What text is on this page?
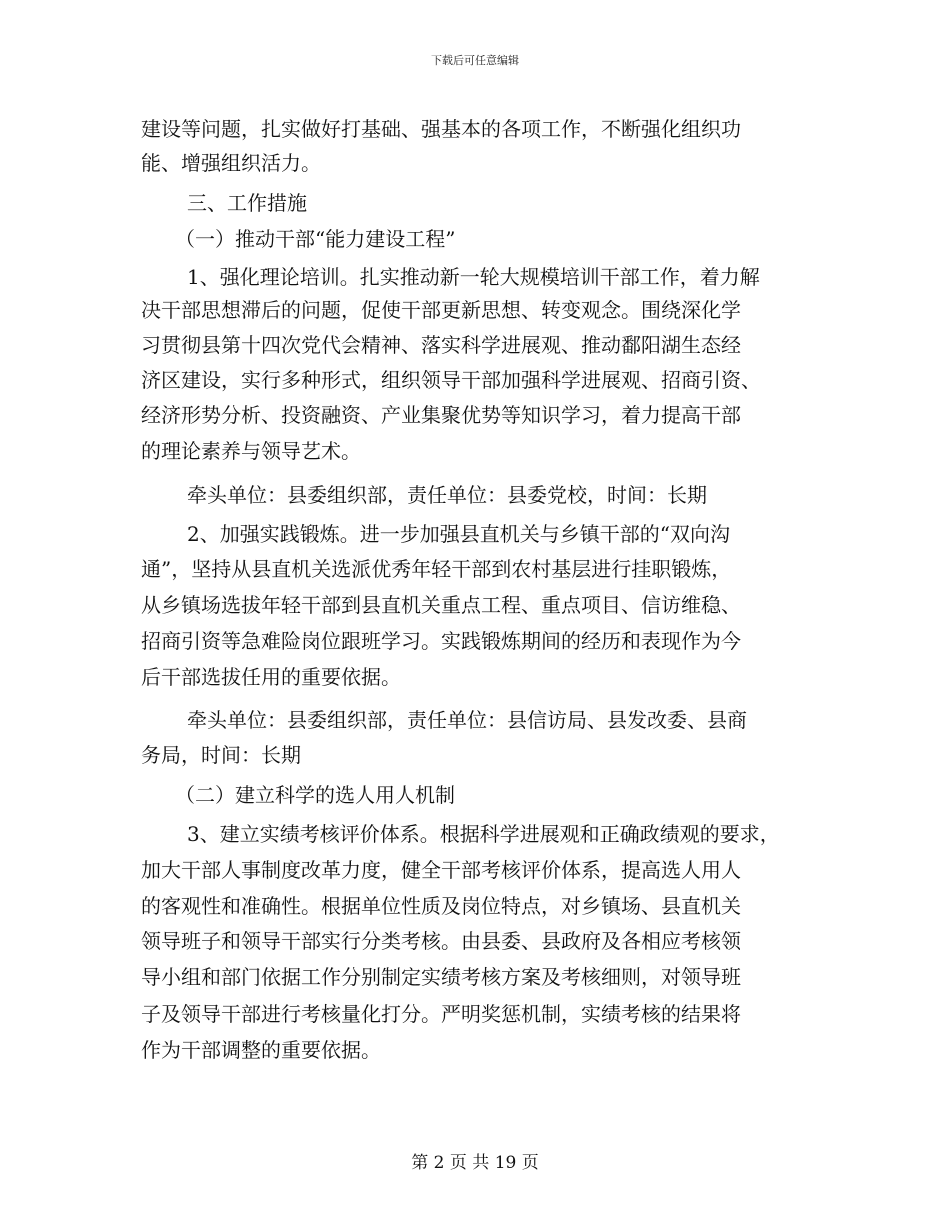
下载后可任意编辑
建设等问题，扎实做好打基础、强基本的各项工作，不断强化组织功
能、增强组织活力。
三、工作措施
（一）推动干部“能力建设工程”
1、强化理论培训。扎实推动新一轮大规模培训干部工作，着力解
决干部思想滞后的问题，促使干部更新思想、转变观念。围绕深化学
习贯彻县第十四次党代会精神、落实科学进展观、推动鄱阳湖生态经
济区建设，实行多种形式，组织领导干部加强科学进展观、招商引资、
经济形势分析、投资融资、产业集聚优势等知识学习，着力提高干部
的理论素养与领导艺术。
牵头单位：县委组织部，责任单位：县委党校，时间：长期
2、加强实践锻炼。进一步加强县直机关与乡镇干部的“双向沟
通”，坚持从县直机关选派优秀年轻干部到农村基层进行挂职锻炼，
从乡镇场选拔年轻干部到县直机关重点工程、重点项目、信访维稳、
招商引资等急难险岗位跟班学习。实践锻炼期间的经历和表现作为今
后干部选拔任用的重要依据。
牵头单位：县委组织部，责任单位：县信访局、县发改委、县商
务局，时间：长期
（二）建立科学的选人用人机制
3、建立实绩考核评价体系。根据科学进展观和正确政绩观的要求，
加大干部人事制度改革力度，健全干部考核评价体系，提高选人用人
的客观性和准确性。根据单位性质及岗位特点，对乡镇场、县直机关
领导班子和领导干部实行分类考核。由县委、县政府及各相应考核领
导小组和部门依据工作分别制定实绩考核方案及考核细则，对领导班
子及领导干部进行考核量化打分。严明奖惩机制，实绩考核的结果将
作为干部调整的重要依据。
第 2 页 共 19 页
